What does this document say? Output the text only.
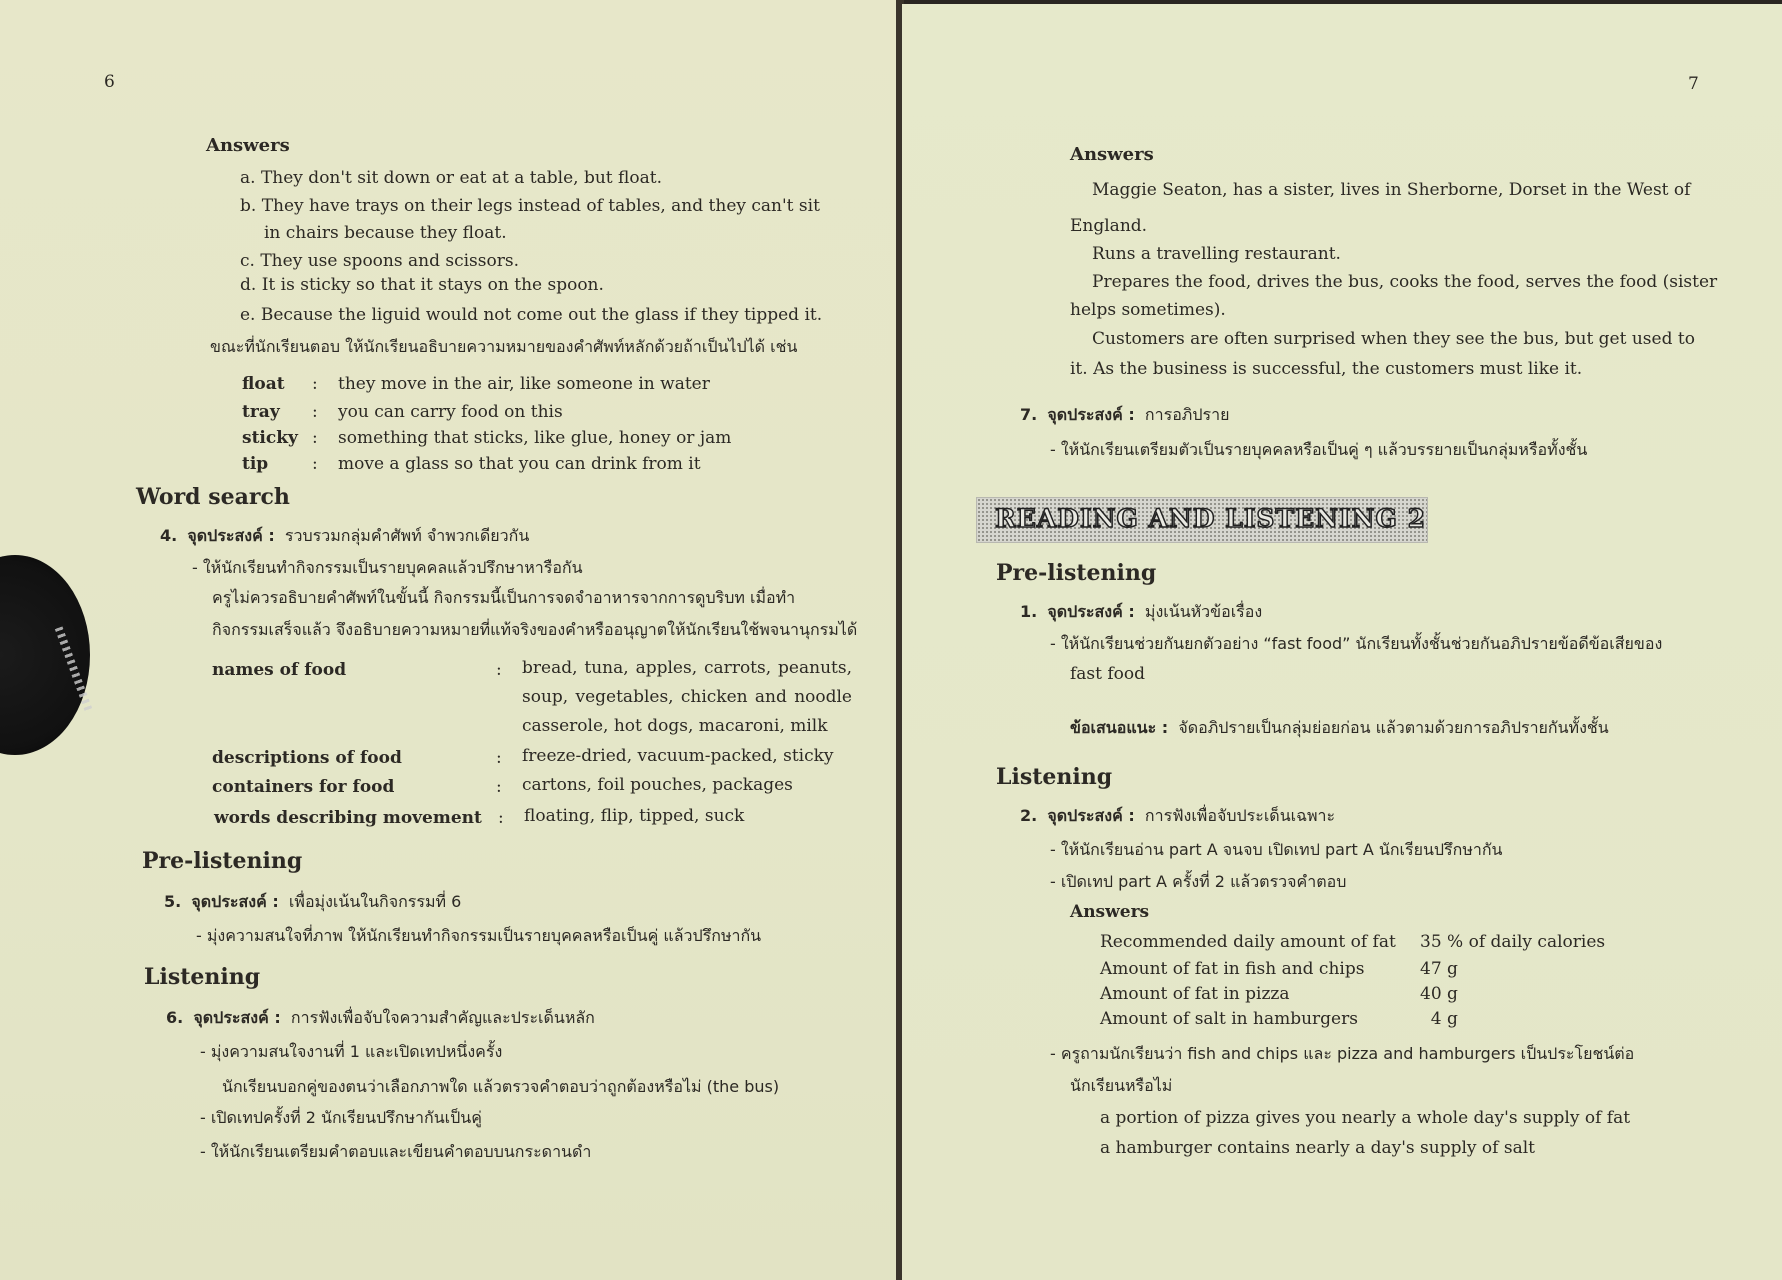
6
Answers
a. They don't sit down or eat at a table, but float.
b. They have trays on their legs instead of tables, and they can't sit
in chairs because they float.
c. They use spoons and scissors.
d. It is sticky so that it stays on the spoon.
e. Because the liguid would not come out the glass if they tipped it.
ขณะที่นักเรียนตอบ ให้นักเรียนอธิบายความหมายของคำศัพท์หลักด้วยถ้าเป็นไปได้ เช่น
float : they move in the air, like someone in water
tray : you can carry food on this
sticky : something that sticks, like glue, honey or jam
tip	: move a glass so that you can drink from it
Word search
4. จุดประสงค์ : รวบรวมกลุ่มคำศัพท์ จำพวกเดียวกัน
- ให้นักเรียนทำกิจกรรมเป็นรายบุคคลแล้วปรึกษาหารือกัน
ครูไม่ควรอธิบายคำศัพท์ในขั้นนี้ กิจกรรมนี้เป็นการจดจำอาหารจากการดูบริบท เมื่อทำ
กิจกรรมเสร็จแล้ว จึงอธิบายความหมายที่แท้จริงของคำหรืออนุญาตให้นักเรียนใช้พจนานุกรมได้
names of food	: bread, tuna, apples, carrots, peanuts, soup, vegetables, chicken and noodle casserole, hot dogs, macaroni, milk
descriptions of food	: freeze-dried, vacuum-packed, sticky
containers for food	: cartons, foil pouches, packages
words describing movement : floating, flip, tipped, suck
Pre-listening
5. จุดประสงค์ : เพื่อมุ่งเน้นในกิจกรรมที่ 6
- มุ่งความสนใจที่ภาพ ให้นักเรียนทำกิจกรรมเป็นรายบุคคลหรือเป็นคู่ แล้วปรึกษากัน
Listening
6. จุดประสงค์ : การฟังเพื่อจับใจความสำคัญและประเด็นหลัก
- มุ่งความสนใจงานที่ 1 และเปิดเทปหนึ่งครั้ง
นักเรียนบอกคู่ของตนว่าเลือกภาพใด แล้วตรวจคำตอบว่าถูกต้องหรือไม่ (the bus)
- เปิดเทปครั้งที่ 2 นักเรียนปรึกษากันเป็นคู่
- ให้นักเรียนเตรียมคำตอบและเขียนคำตอบบนกระดานดำ
7
Answers
Maggie Seaton, has a sister, lives in Sherborne, Dorset in the West of
England.
Runs a travelling restaurant.
Prepares the food, drives the bus, cooks the food, serves the food (sister
helps sometimes).
Customers are often surprised when they see the bus, but get used to
it. As the business is successful, the customers must like it.
7. จุดประสงค์ : การอภิปราย
- ให้นักเรียนเตรียมตัวเป็นรายบุคคลหรือเป็นคู่ ๆ แล้วบรรยายเป็นกลุ่มหรือทั้งชั้น
READING AND LISTENING 2
Pre-listening
1. จุดประสงค์ : มุ่งเน้นหัวข้อเรื่อง
- ให้นักเรียนช่วยกันยกตัวอย่าง “fast food” นักเรียนทั้งชั้นช่วยกันอภิปรายข้อดีข้อเสียของ
fast food
ข้อเสนอแนะ : จัดอภิปรายเป็นกลุ่มย่อยก่อน แล้วตามด้วยการอภิปรายกันทั้งชั้น
Listening
2. จุดประสงค์ : การฟังเพื่อจับประเด็นเฉพาะ
- ให้นักเรียนอ่าน part A จนจบ เปิดเทป part A นักเรียนปรึกษากัน
- เปิดเทป part A ครั้งที่ 2 แล้วตรวจคำตอบ
Answers
Recommended daily amount of fat 35 % of daily calories
Amount of fat in fish and chips	47 g
Amount of fat in pizza	40 g
Amount of salt in hamburgers	4 g
- ครูถามนักเรียนว่า fish and chips และ pizza and hamburgers เป็นประโยชน์ต่อ
นักเรียนหรือไม่
a portion of pizza gives you nearly a whole day's supply of fat
a hamburger contains nearly a day's supply of salt
